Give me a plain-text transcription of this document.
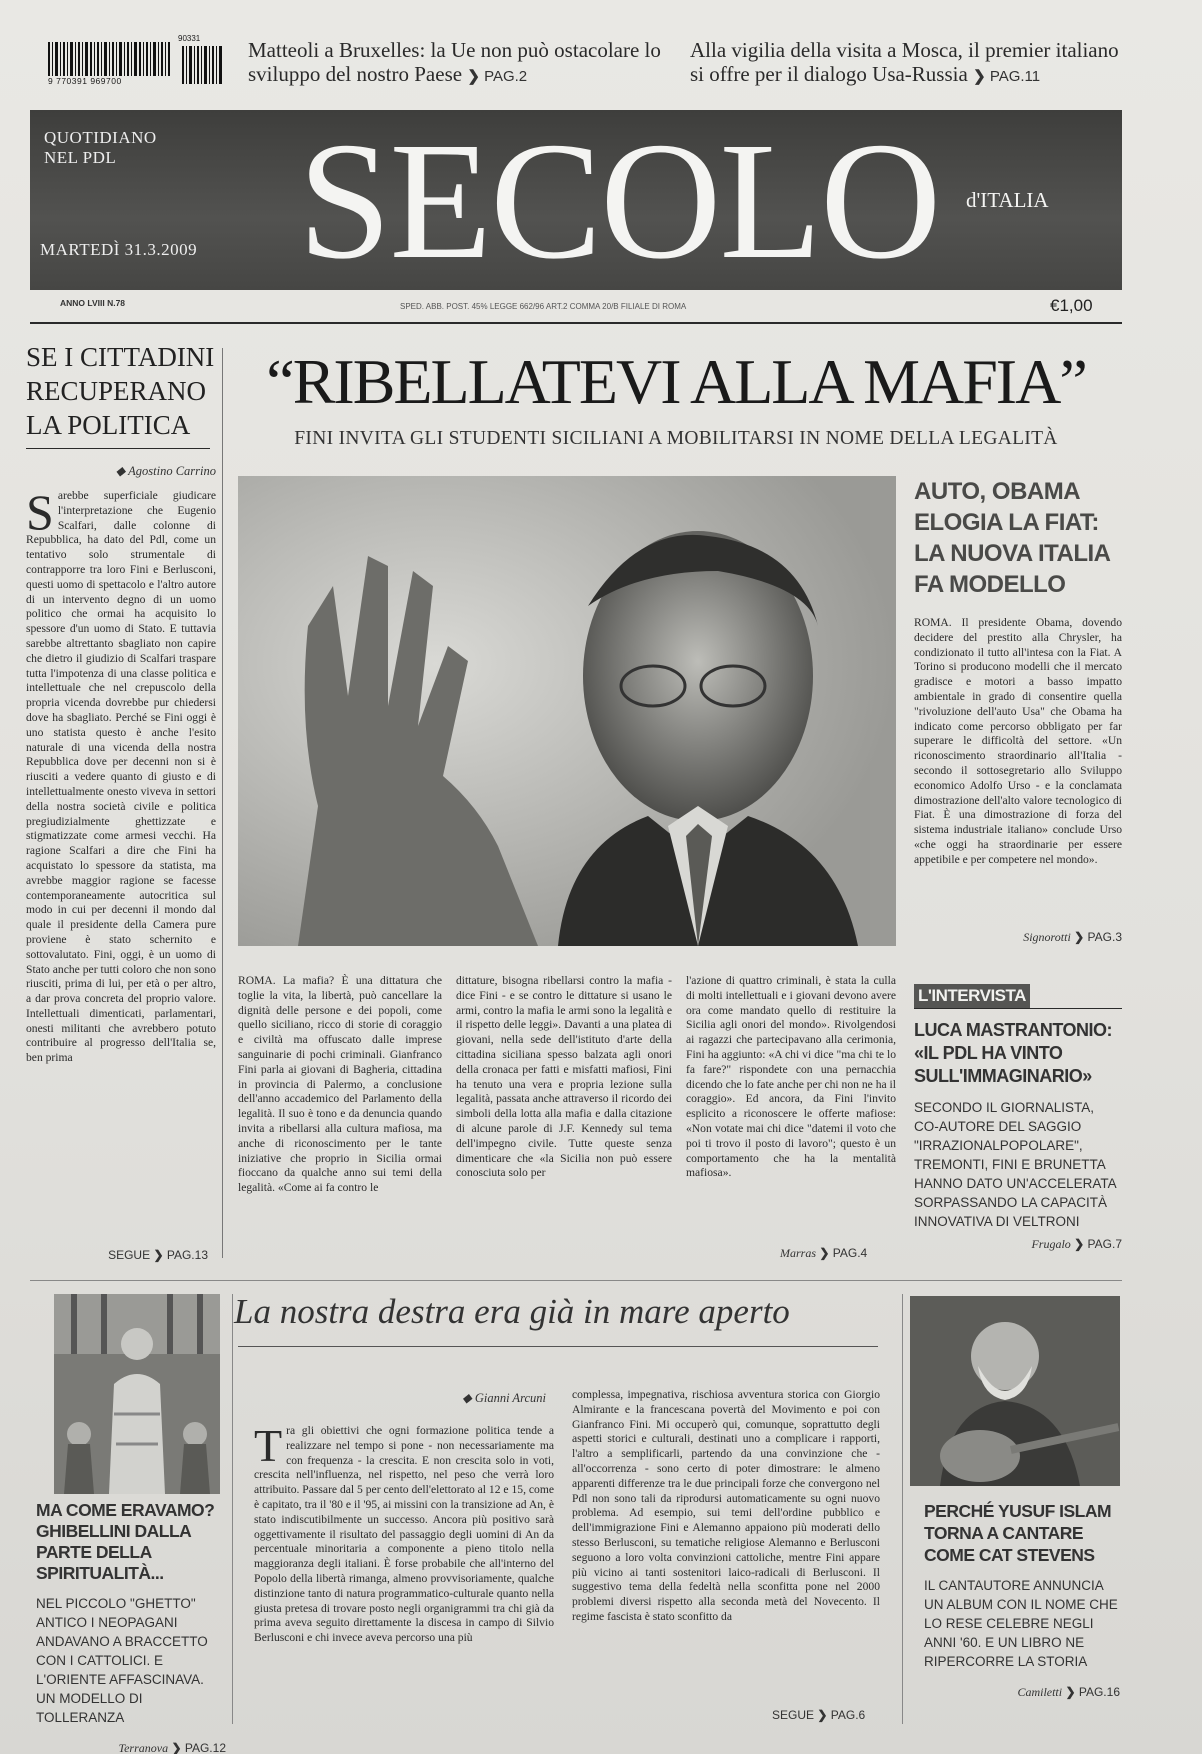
90331
9 770391 969700
Matteoli a Bruxelles: la Ue non può ostacolare lo sviluppo del nostro Paese ❯ PAG.2
Alla vigilia della visita a Mosca, il premier italiano si offre per il dialogo Usa-Russia ❯ PAG.11
QUOTIDIANO NEL PDL SECOLO d'ITALIA
MARTEDÌ 31.3.2009
ANNO LVIII N.78	SPED. ABB. POST. 45% LEGGE 662/96 ART.2 COMMA 20/B FILIALE DI ROMA	€1,00
SE I CITTADINI RECUPERANO LA POLITICA
◆ Agostino Carrino
Sarebbe superficiale giudicare l'interpretazione che Eugenio Scalfari, dalle colonne di Repubblica, ha dato del Pdl, come un tentativo solo strumentale di contrapporre tra loro Fini e Berlusconi, questi uomo di spettacolo e l'altro autore di un intervento degno di un uomo politico che ormai ha acquisito lo spessore d'un uomo di Stato. E tuttavia sarebbe altrettanto sbagliato non capire che dietro il giudizio di Scalfari traspare tutta l'impotenza di una classe politica e intellettuale che nel crepuscolo della propria vicenda dovrebbe pur chiedersi dove ha sbagliato. Perché se Fini oggi è uno statista questo è anche l'esito naturale di una vicenda della nostra Repubblica dove per decenni non si è riusciti a vedere quanto di giusto e di intellettualmente onesto viveva in settori della nostra società civile e politica pregiudizialmente ghettizzate e stigmatizzate come armesi vecchi. Ha ragione Scalfari a dire che Fini ha acquistato lo spessore da statista, ma avrebbe maggior ragione se facesse contemporaneamente autocritica sul modo in cui per decenni il mondo dal quale il presidente della Camera pure proviene è stato schernito e sottovalutato. Fini, oggi, è un uomo di Stato anche per tutti coloro che non sono riusciti, prima di lui, per età o per altro, a dar prova concreta del proprio valore. Intellettuali dimenticati, parlamentari, onesti militanti che avrebbero potuto contribuire al progresso dell'Italia se, ben prima
SEGUE ❯ PAG.13
“RIBELLATEVI ALLA MAFIA”
FINI INVITA GLI STUDENTI SICILIANI A MOBILITARSI IN NOME DELLA LEGALITÀ
ROMA. La mafia? È una dittatura che toglie la vita, la libertà, può cancellare la dignità delle persone e dei popoli, come quello siciliano, ricco di storie di coraggio e civiltà ma offuscato dalle imprese sanguinarie di pochi criminali. Gianfranco Fini parla ai giovani di Bagheria, cittadina in provincia di Palermo, a conclusione dell'anno accademico del Parlamento della legalità. Il suo è tono e da denuncia quando invita a ribellarsi alla cultura mafiosa, ma anche di riconoscimento per le tante iniziative che proprio in Sicilia ormai fioccano da qualche anno sui temi della legalità. «Come ai fa contro le
dittature, bisogna ribellarsi contro la mafia - dice Fini - e se contro le dittature si usano le armi, contro la mafia le armi sono la legalità e il rispetto delle leggi». Davanti a una platea di giovani, nella sede dell'istituto d'arte della cittadina siciliana spesso balzata agli onori della cronaca per fatti e misfatti mafiosi, Fini ha tenuto una vera e propria lezione sulla legalità, passata anche attraverso il ricordo dei simboli della lotta alla mafia e dalla citazione di alcune parole di J.F. Kennedy sul tema dell'impegno civile. Tutte queste senza dimenticare che «la Sicilia non può essere conosciuta solo per
l'azione di quattro criminali, è stata la culla di molti intellettuali e i giovani devono avere ora come mandato quello di restituire la Sicilia agli onori del mondo». Rivolgendosi ai ragazzi che partecipavano alla cerimonia, Fini ha aggiunto: «A chi vi dice "ma chi te lo fa fare?" rispondete con una pernacchia dicendo che lo fate anche per chi non ne ha il coraggio». Ed ancora, da Fini l'invito esplicito a riconoscere le offerte mafiose: «Non votate mai chi dice "datemi il voto che poi ti trovo il posto di lavoro"; questo è un comportamento che ha la mentalità mafiosa».
Marras ❯ PAG.4
AUTO, OBAMA ELOGIA LA FIAT: LA NUOVA ITALIA FA MODELLO
ROMA. Il presidente Obama, dovendo decidere del prestito alla Chrysler, ha condizionato il tutto all'intesa con la Fiat. A Torino si producono modelli che il mercato gradisce e motori a basso impatto ambientale in grado di consentire quella "rivoluzione dell'auto Usa" che Obama ha indicato come percorso obbligato per far superare le difficoltà del settore. «Un riconoscimento straordinario all'Italia - secondo il sottosegretario allo Sviluppo economico Adolfo Urso - e la conclamata dimostrazione dell'alto valore tecnologico di Fiat. È una dimostrazione di forza del sistema industriale italiano» conclude Urso «che oggi ha straordinarie per essere appetibile e per competere nel mondo».
Signorotti ❯ PAG.3
L'INTERVISTA
LUCA MASTRANTONIO: «IL PDL HA VINTO SULL'IMMAGINARIO»
SECONDO IL GIORNALISTA, CO-AUTORE DEL SAGGIO "IRRAZIONALPOPOLARE", TREMONTI, FINI E BRUNETTA HANNO DATO UN'ACCELERATA SORPASSANDO LA CAPACITÀ INNOVATIVA DI VELTRONI
Frugalo ❯ PAG.7
MA COME ERAVAMO? GHIBELLINI DALLA PARTE DELLA SPIRITUALITÀ...
NEL PICCOLO "GHETTO" ANTICO I NEOPAGANI ANDAVANO A BRACCETTO CON I CATTOLICI. E L'ORIENTE AFFASCINAVA. UN MODELLO DI TOLLERANZA
Terranova ❯ PAG.12
La nostra destra era già in mare aperto
◆ Gianni Arcuni
Tra gli obiettivi che ogni formazione politica tende a realizzare nel tempo si pone - non necessariamente ma con frequenza - la crescita. E non crescita solo in voti, crescita nell'influenza, nel rispetto, nel peso che verrà loro attribuito. Passare dal 5 per cento dell'elettorato al 12 e 15, come è capitato, tra il '80 e il '95, ai missini con la transizione ad An, è stato indiscutibilmente un successo. Ancora più positivo sarà oggettivamente il risultato del passaggio degli uomini di An da percentuale minoritaria a componente a pieno titolo nella maggioranza degli italiani. È forse probabile che all'interno del Popolo della libertà rimanga, almeno provvisoriamente, qualche distinzione tanto di natura programmatico-culturale quanto nella giusta pretesa di trovare posto negli organigrammi tra chi già da prima aveva seguito direttamente la discesa in campo di Silvio Berlusconi e chi invece aveva percorso una più
complessa, impegnativa, rischiosa avventura storica con Giorgio Almirante e la francescana povertà del Movimento e poi con Gianfranco Fini. Mi occuperò qui, comunque, soprattutto degli aspetti storici e culturali, destinati uno a complicare i rapporti, l'altro a semplificarli, partendo da una convinzione che - all'occorrenza - sono certo di poter dimostrare: le almeno apparenti differenze tra le due principali forze che convergono nel Pdl non sono tali da riprodursi automaticamente su ogni nuovo problema. Ad esempio, sui temi dell'ordine pubblico e dell'immigrazione Fini e Alemanno appaiono più moderati dello stesso Berlusconi, su tematiche religiose Alemanno e Berlusconi seguono a loro volta convinzioni cattoliche, mentre Fini appare più vicino ai tanti sostenitori laico-radicali di Berlusconi. Il suggestivo tema della fedeltà nella sconfitta pone nel 2000 problemi diversi rispetto alla seconda metà del Novecento. Il regime fascista è stato sconfitto da
SEGUE ❯ PAG.6
PERCHÉ YUSUF ISLAM TORNA A CANTARE COME CAT STEVENS
IL CANTAUTORE ANNUNCIA UN ALBUM CON IL NOME CHE LO RESE CELEBRE NEGLI ANNI '60. E UN LIBRO NE RIPERCORRE LA STORIA
Camiletti ❯ PAG.16
